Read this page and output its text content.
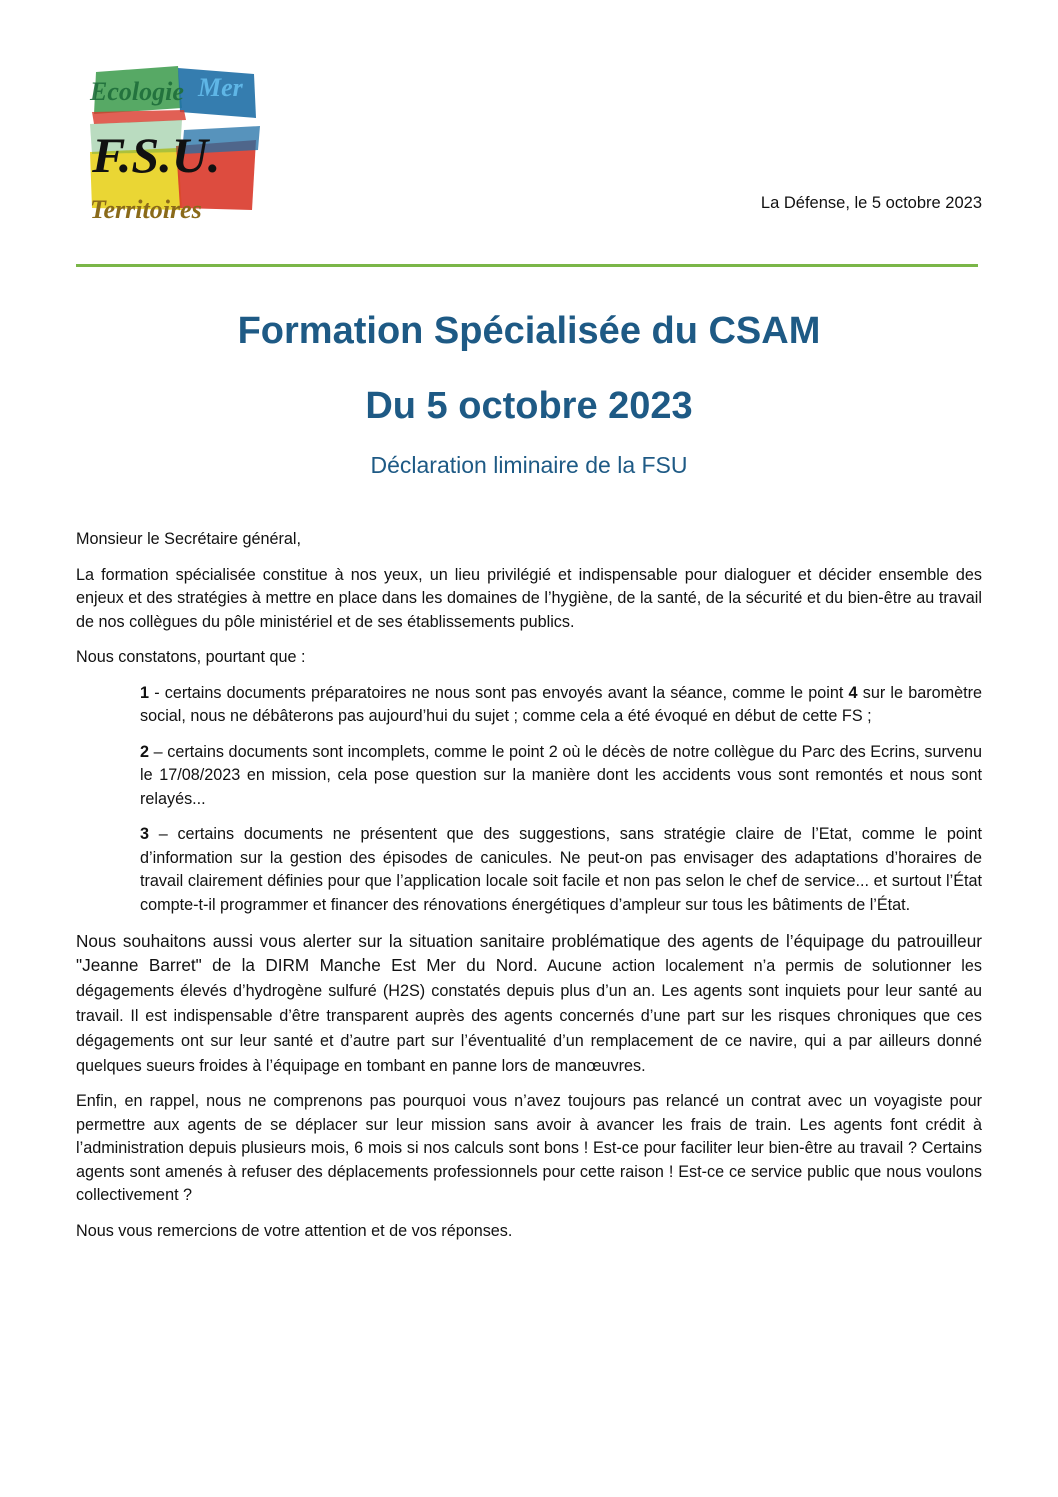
Ecologie Mer
F.S.U.
Territoires	La Défense, le 5 octobre 2023
Formation Spécialisée du CSAM
Du 5 octobre 2023
Déclaration liminaire de la FSU

Monsieur le Secrétaire général,

La formation spécialisée constitue à nos yeux, un lieu privilégié et indispensable pour dialoguer et décider ensemble des enjeux et des stratégies à mettre en place dans les domaines de l’hygiène, de la santé, de la sécurité et du bien-être au travail de nos collègues du pôle ministériel et de ses établissements publics.

Nous constatons, pourtant que :

1 - certains documents préparatoires ne nous sont pas envoyés avant la séance, comme le point 4 sur le baromètre social, nous ne débâterons pas aujourd’hui du sujet ; comme cela a été évoqué en début de cette FS ;

2 – certains documents sont incomplets, comme le point 2 où le décès de notre collègue du Parc des Ecrins, survenu le 17/08/2023 en mission, cela pose question sur la manière dont les accidents vous sont remontés et nous sont relayés...

3 – certains documents ne présentent que des suggestions, sans stratégie claire de l’Etat, comme le point d’information sur la gestion des épisodes de canicules. Ne peut-on pas envisager des adaptations d’horaires de travail clairement définies pour que l’application locale soit facile et non pas selon le chef de service... et surtout l’État compte-t-il programmer et financer des rénovations énergétiques d’ampleur sur tous les bâtiments de l’État.

Nous souhaitons aussi vous alerter sur la situation sanitaire problématique des agents de l’équipage du patrouilleur "Jeanne Barret" de la DIRM Manche Est Mer du Nord. Aucune action localement n’a permis de solutionner les dégagements élevés d’hydrogène sulfuré (H2S) constatés depuis plus d’un an. Les agents sont inquiets pour leur santé au travail. Il est indispensable d’être transparent auprès des agents concernés d’une part sur les risques chroniques que ces dégagements ont sur leur santé et d’autre part sur l’éventualité d’un remplacement de ce navire, qui a par ailleurs donné quelques sueurs froides à l’équipage en tombant en panne lors de manœuvres.

Enfin, en rappel, nous ne comprenons pas pourquoi vous n’avez toujours pas relancé un contrat avec un voyagiste pour permettre aux agents de se déplacer sur leur mission sans avoir à avancer les frais de train. Les agents font crédit à l’administration depuis plusieurs mois, 6 mois si nos calculs sont bons ! Est-ce pour faciliter leur bien-être au travail ? Certains agents sont amenés à refuser des déplacements professionnels pour cette raison ! Est-ce ce service public que nous voulons collectivement ?

Nous vous remercions de votre attention et de vos réponses.
